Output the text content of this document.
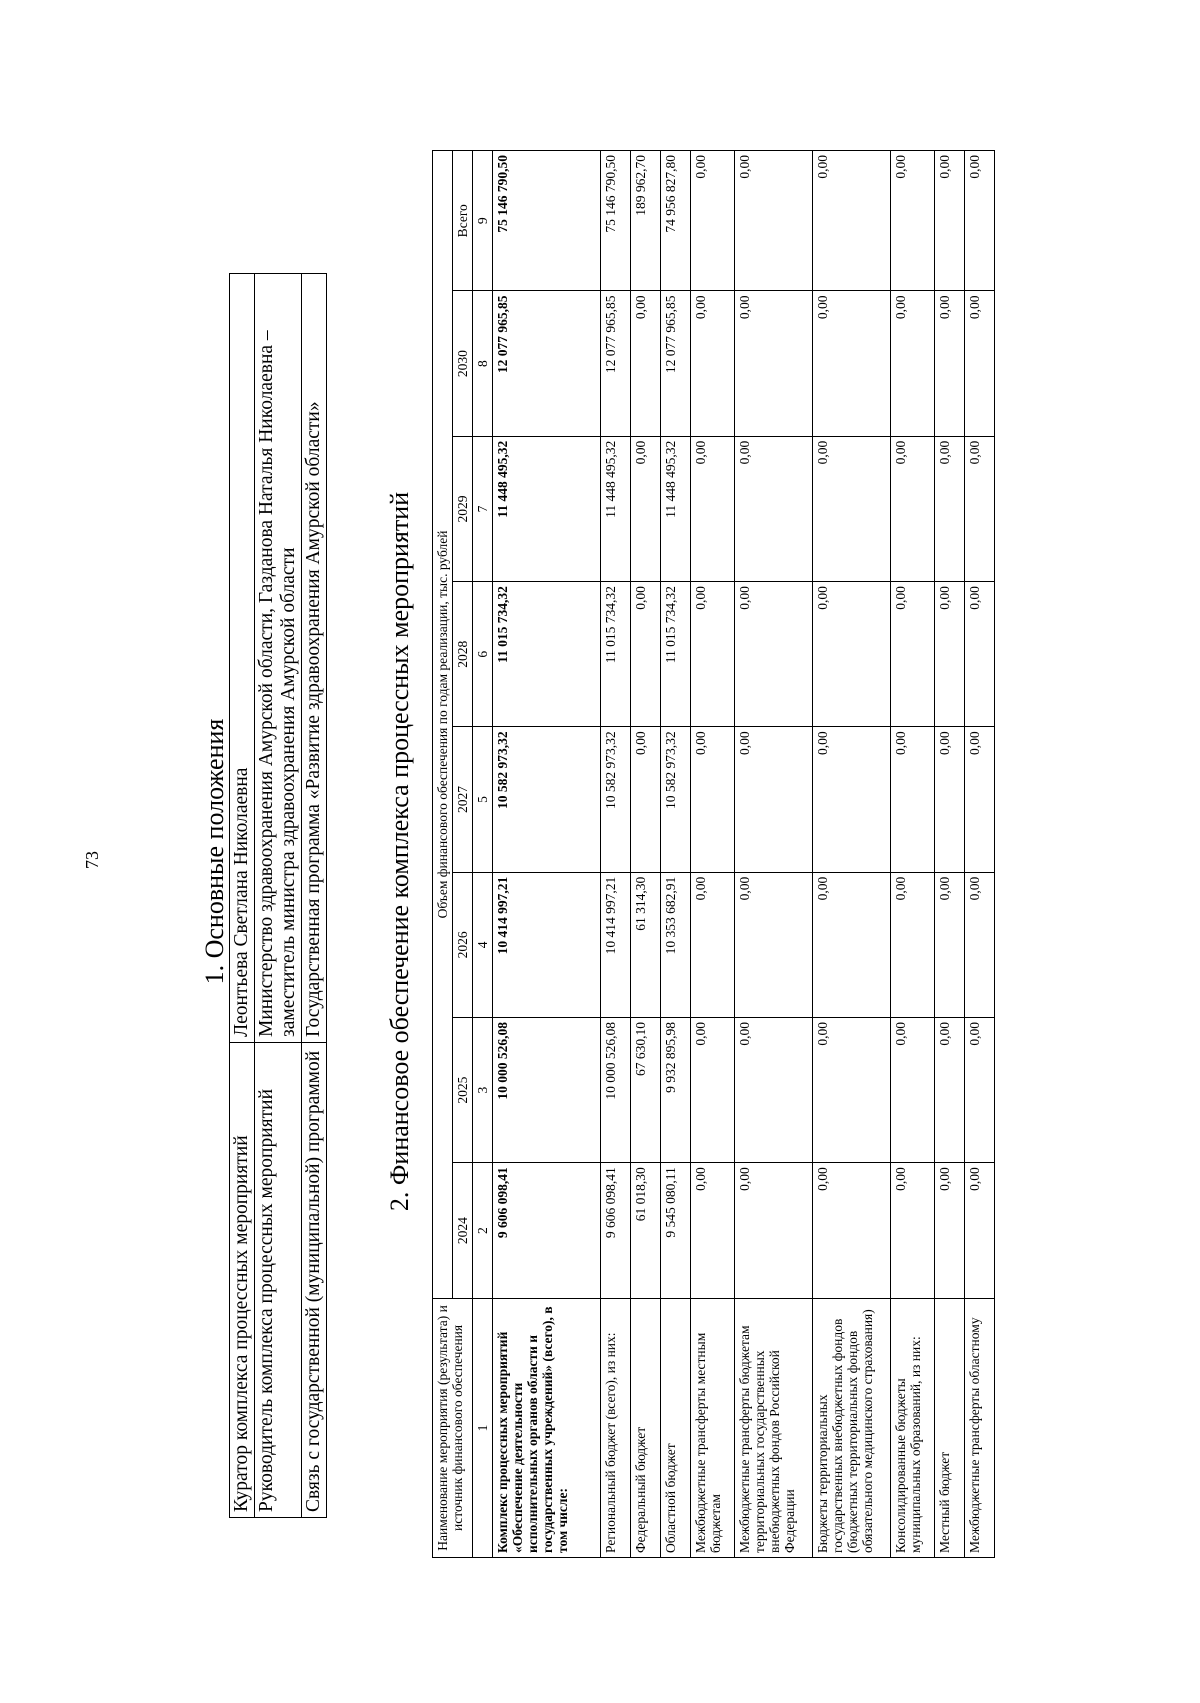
73	1. Основные положения
Куратор комплекса процессных мероприятий	Леонтьева Светлана Николаевна
Руководитель комплекса процессных мероприятий	Министерство здравоохранения Амурской области, Газданова Наталья Николаевна – заместитель министра здравоохранения Амурской области
Связь с государственной (муниципальной) программой	Государственная программа «Развитие здравоохранения Амурской области» 2. Финансовое обеспечение комплекса процессных мероприятий
Наименование мероприятия (результата) и источник финансового обеспечения	Объем финансового обеспечения по годам реализации, тыс. рублей							
	2024	2025	2026	2027	2028	2029	2030	Всего
1	2	3	4	5	6	7	8	9
Комплекс процессных мероприятий «Обеспечение деятельности исполнительных органов области и государственных учреждений» (всего), в том числе:	9 606 098,41	10 000 526,08	10 414 997,21	10 582 973,32	11 015 734,32	11 448 495,32	12 077 965,85	75 146 790,50
Региональный бюджет (всего), из них:	9 606 098,41	10 000 526,08	10 414 997,21	10 582 973,32	11 015 734,32	11 448 495,32	12 077 965,85	75 146 790,50
Федеральный бюджет	61 018,30	67 630,10	61 314,30	0,00	0,00	0,00	0,00	189 962,70
Областной бюджет	9 545 080,11	9 932 895,98	10 353 682,91	10 582 973,32	11 015 734,32	11 448 495,32	12 077 965,85	74 956 827,80
Межбюджетные трансферты местным бюджетам	0,00	0,00	0,00	0,00	0,00	0,00	0,00	0,00
Межбюджетные трансферты бюджетам территориальных государственных внебюджетных фондов Российской Федерации	0,00	0,00	0,00	0,00	0,00	0,00	0,00	0,00
Бюджеты территориальных государственных внебюджетных фондов (бюджетных территориальных фондов обязательного медицинского страхования)	0,00	0,00	0,00	0,00	0,00	0,00	0,00	0,00
Консолидированные бюджеты муниципальных образований, из них:	0,00	0,00	0,00	0,00	0,00	0,00	0,00	0,00
Местный бюджет	0,00	0,00	0,00	0,00	0,00	0,00	0,00	0,00
Межбюджетные трансферты областному	0,00	0,00	0,00	0,00	0,00	0,00	0,00	0,00
